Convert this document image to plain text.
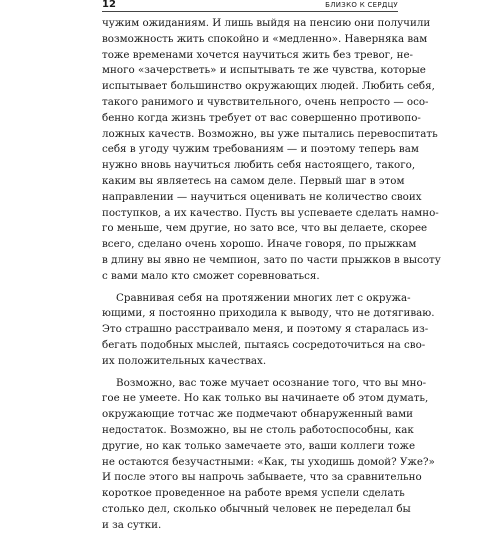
12	БЛИЗКО К СЕРДЦУ
чужим ожиданиям. И лишь выйдя на пенсию они получили
возможность жить спокойно и «медленно». Наверняка вам
тоже временами хочется научиться жить без тревог, не-
много «зачерстветь» и испытывать те же чувства, которые
испытывает большинство окружающих людей. Любить себя,
такого ранимого и чувствительного, очень непросто — осо-
бенно когда жизнь требует от вас совершенно противопо-
ложных качеств. Возможно, вы уже пытались перевоспитать
себя в угоду чужим требованиям — и поэтому теперь вам
нужно вновь научиться любить себя настоящего, такого,
каким вы являетесь на самом деле. Первый шаг в этом
направлении — научиться оценивать не количество своих
поступков, а их качество. Пусть вы успеваете сделать намно-
го меньше, чем другие, но зато все, что вы делаете, скорее
всего, сделано очень хорошо. Иначе говоря, по прыжкам
в длину вы явно не чемпион, зато по части прыжков в высоту
с вами мало кто сможет соревноваться.
Сравнивая себя на протяжении многих лет с окружа-
ющими, я постоянно приходила к выводу, что не дотягиваю.
Это страшно расстраивало меня, и поэтому я старалась из-
бегать подобных мыслей, пытаясь сосредоточиться на сво-
их положительных качествах.
Возможно, вас тоже мучает осознание того, что вы мно-
гое не умеете. Но как только вы начинаете об этом думать,
окружающие тотчас же подмечают обнаруженный вами
недостаток. Возможно, вы не столь работоспособны, как
другие, но как только замечаете это, ваши коллеги тоже
не остаются безучастными: «Как, ты уходишь домой? Уже?»
И после этого вы напрочь забываете, что за сравнительно
короткое проведенное на работе время успели сделать
столько дел, сколько обычный человек не переделал бы
и за сутки.
